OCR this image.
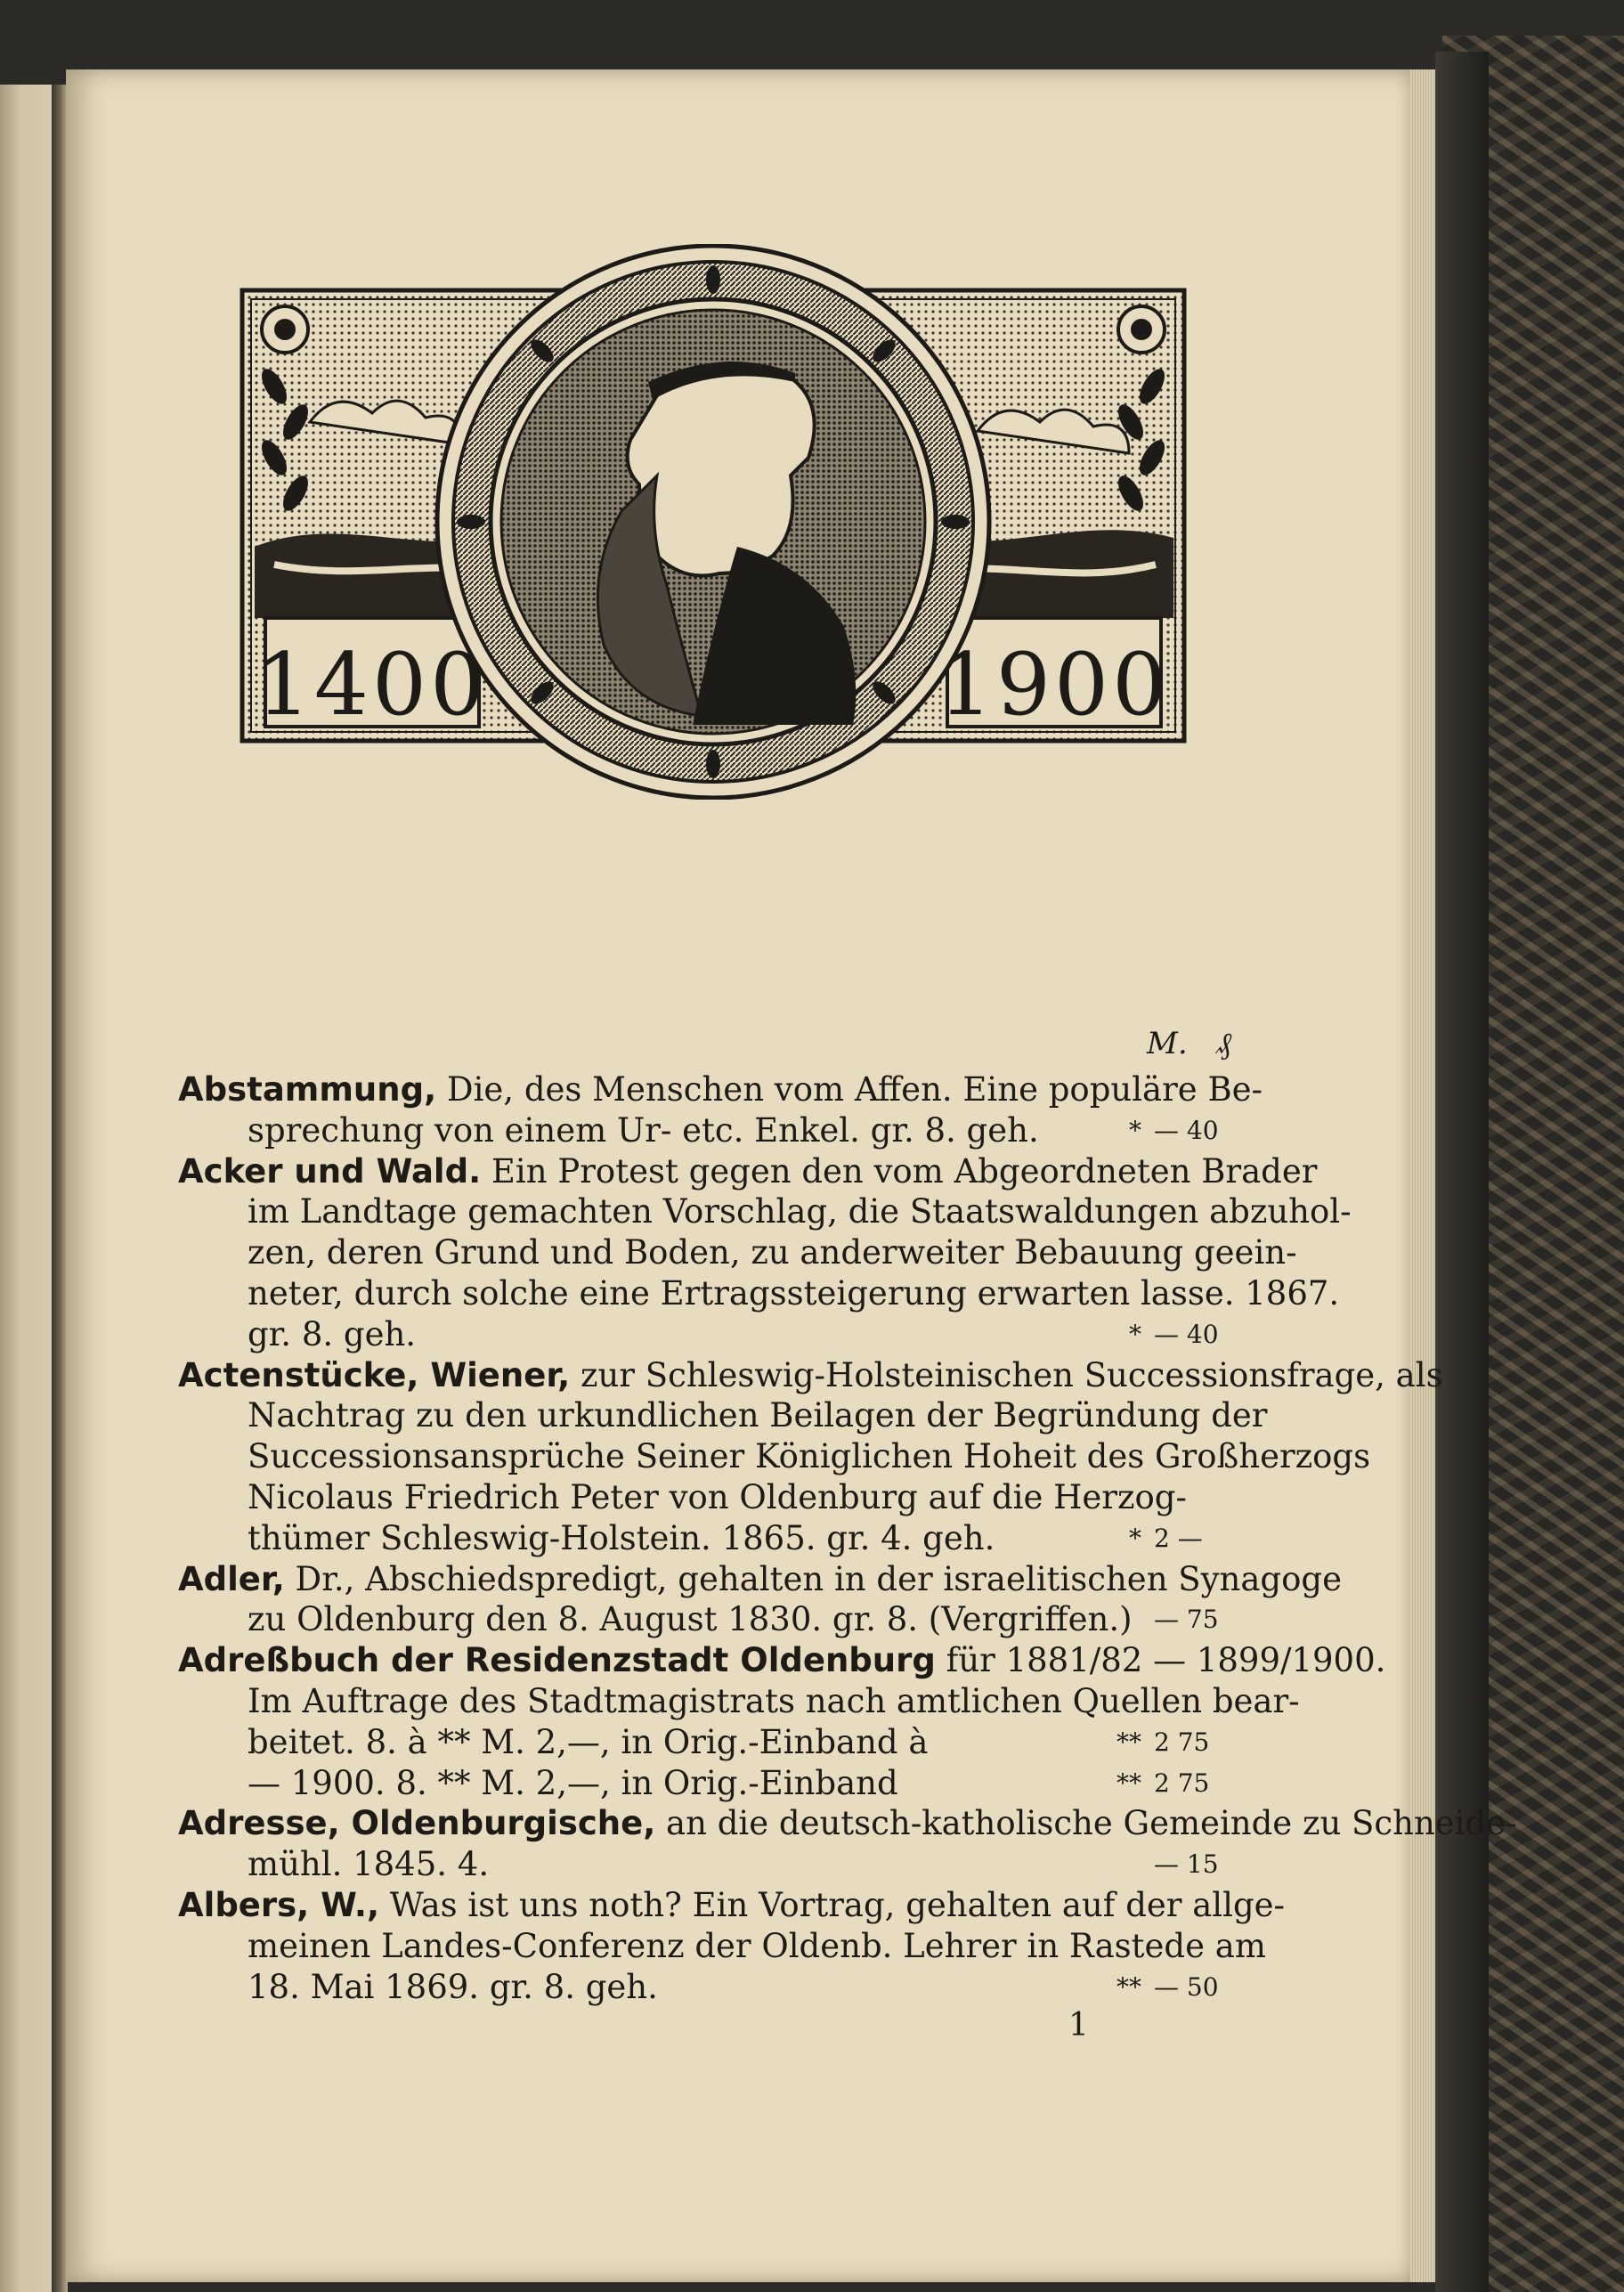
1400	1900
M.   ₰
Abstammung, Die, des Menschen vom Affen. Eine populäre Be-
sprechung von einem Ur- etc. Enkel. gr. 8. geh.	* — 40
Acker und Wald. Ein Protest gegen den vom Abgeordneten Brader
im Landtage gemachten Vorschlag, die Staatswaldungen abzuhol-
zen, deren Grund und Boden, zu anderweiter Bebauung geein-
neter, durch solche eine Ertragssteigerung erwarten lasse. 1867.
gr. 8. geh.	* — 40
Actenstücke, Wiener, zur Schleswig-Holsteinischen Successionsfrage, als
Nachtrag zu den urkundlichen Beilagen der Begründung der
Successionsansprüche Seiner Königlichen Hoheit des Großherzogs
Nicolaus Friedrich Peter von Oldenburg auf die Herzog-
thümer Schleswig-Holstein. 1865. gr. 4. geh.	* 2 —
Adler, Dr., Abschiedspredigt, gehalten in der israelitischen Synagoge
zu Oldenburg den 8. August 1830. gr. 8. (Vergriffen.) — 75
Adreßbuch der Residenzstadt Oldenburg für 1881/82 — 1899/1900.
Im Auftrage des Stadtmagistrats nach amtlichen Quellen bear-
beitet. 8. à ** M. 2,—, in Orig.-Einband à	** 2 75
— 1900. 8. ** M. 2,—, in Orig.-Einband	** 2 75
Adresse, Oldenburgische, an die deutsch-katholische Gemeinde zu Schneide-
mühl. 1845. 4.	— 15
Albers, W., Was ist uns noth? Ein Vortrag, gehalten auf der allge-
meinen Landes-Conferenz der Oldenb. Lehrer in Rastede am
18. Mai 1869. gr. 8. geh.	** — 50
1
